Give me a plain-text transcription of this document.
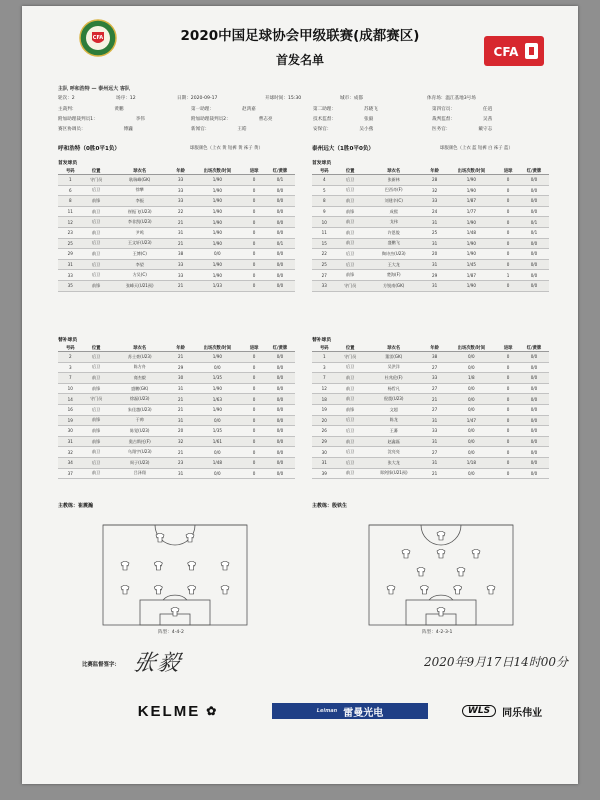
CFA
CFA
2020中国足球协会甲级联赛(成都赛区)
首发名单
主队 呼和浩特 — 泰州远大 客队
轮次：2	场序：12	日期：2020-09-17	开球时间：15:30	城市：成都	体育场：温江基地3号场
主裁判：	黄鹏	第一助理：	赵鸿嘉	第二助理：	苏晓飞	第四官员：	任逍
附加助理裁判员1：	李伟	附加助理裁判员2：	曹志亮	技术监督：	张毅	裁判监督：	吴茜
赛区协调员：	傅巍	新闻官：	王皓	安保官：	吴小燕	医务官：	戴守志
呼和浩特（0胜0平1负）	球服颜色（上衣 黄 短裤 黄 袜子 黄）
首发球员
号码	位置	球衣名	年龄	出场次数/时间	进球	红/黄牌
1	守门员	耿瑞峰(GK)	33	1/90	0	0/1
6	后卫	徐攀	33	1/90	0	0/0
8	前锋	李振	33	1/90	0	0/0
11	前卫	崔振飞(U23)	22	1/90	0	0/0
12	后卫	李非凯(U23)	21	1/90	0	0/0
23	前卫	尹鸣	31	1/90	0	0/0
25	后卫	王文轩(U23)	21	1/90	0	0/1
29	前卫	王博(C)	38	0/0	0	0/0
31	后卫	李望	33	1/90	0	0/0
33	后卫	方吴(C)	33	1/90	0	0/0
35	前锋	张峰天(U21预)	21	1/33	0	0/0
替补球员
号码	位置	球衣名	年龄	出场次数/时间	进球	红/黄牌
2	后卫	苏士豪(U23)	21	1/90	0	0/0
3	后卫	陈方舟	29	0/0	0	0/0
7	前卫	商杰毅	30	1/35	0	0/0
10	前锋	盛鹏(GK)	31	1/90	0	0/0
14	守门员	徐磊(U23)	21	1/63	0	0/0
16	后卫	朱佳越(U23)	21	1/90	0	0/0
19	前锋	于帅	31	0/0	0	0/0
30	前锋	陈觉(U23)	20	1/35	0	0/0
31	前锋	奥古斯托(F)	32	1/61	0	0/0
32	前卫	乌翔宇(U23)	21	0/0	0	0/0
34	后卫	周子(U23)	23	1/48	0	0/0
37	前卫	吕泽翔	31	0/0	0	0/0
泰州远大（1胜0平0负）	球服颜色（上衣 蓝 短裤 白 袜子 蓝）
首发球员
号码	位置	球衣名	年龄	出场次数/时间	进球	红/黄牌
4	后卫	张新林	28	1/90	0	0/0
5	后卫	巴西奇(F)	32	1/90	0	0/0
8	前卫	刘建辛(C)	33	1/87	0	0/0
9	前锋	成熙	24	1/77	0	0/0
10	前卫	戈伟	31	1/90	0	0/1
11	前卫	许恩俊	25	1/48	0	0/1
15	前卫	盛鹏飞	31	1/90	0	0/0
22	后卫	陶诗杰(U23)	20	1/90	0	0/0
25	后卫	王大龙	31	1/45	0	0/0
27	前锋	楚海(F)	29	1/87	1	0/0
33	守门员	方锐南(GK)	31	1/90	0	0/0
替补球员
号码	位置	球衣名	年龄	出场次数/时间	进球	红/黄牌
1	守门员	董雷(GK)	38	0/0	0	0/0
3	后卫	吴洪洋	27	0/0	0	0/0
7	前卫	杜兆伦(F)	33	1/8	0	0/0
12	前卫	杨哲凡	27	0/0	0	0/0
18	前卫	倪震(U23)	21	0/0	0	0/0
19	前锋	文超	27	0/0	0	0/0
20	后卫	陈龙	31	1/47	0	0/0
26	后卫	王蕃	33	0/0	0	0/0
29	前卫	赵鑫磊	31	0/0	0	0/0
30	后卫	沈亮亮	27	0/0	0	0/0
31	后卫	张大龙	31	1/18	0	0/0
39	前卫	郑剑锋(U21预)	21	0/0	0	0/0
主教练：崔震瀚	主教练：殷铁生
阵型：4-4-2	阵型：4-2-3-1
比赛监督签字： 张毅	2020年9月17日14时00分
KELME ✿	Leiman 雷曼光电	WLS	同乐伟业
